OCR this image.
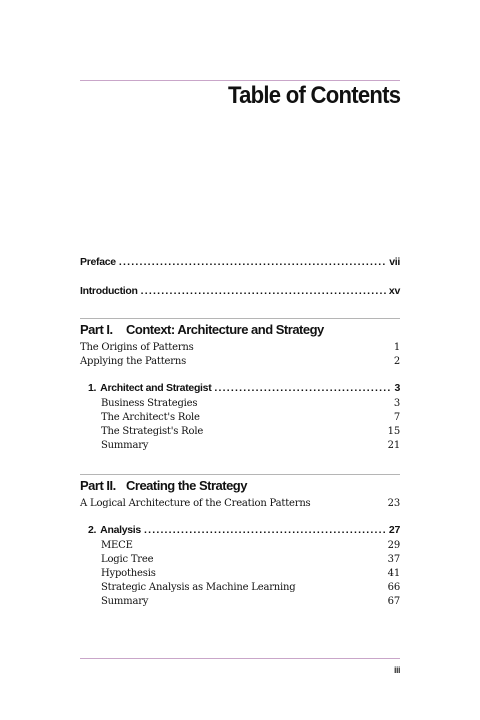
Table of Contents
Preface .....	vii
Introduction .....	xv
Part I. Context: Architecture and Strategy
The Origins of Patterns	1
Applying the Patterns	2
1. Architect and Strategist .....	3
Business Strategies	3
The Architect's Role	7
The Strategist's Role	15
Summary	21
Part II. Creating the Strategy
A Logical Architecture of the Creation Patterns	23
2. Analysis .....	27
MECE	29
Logic Tree	37
Hypothesis	41
Strategic Analysis as Machine Learning	66
Summary	67
iii
